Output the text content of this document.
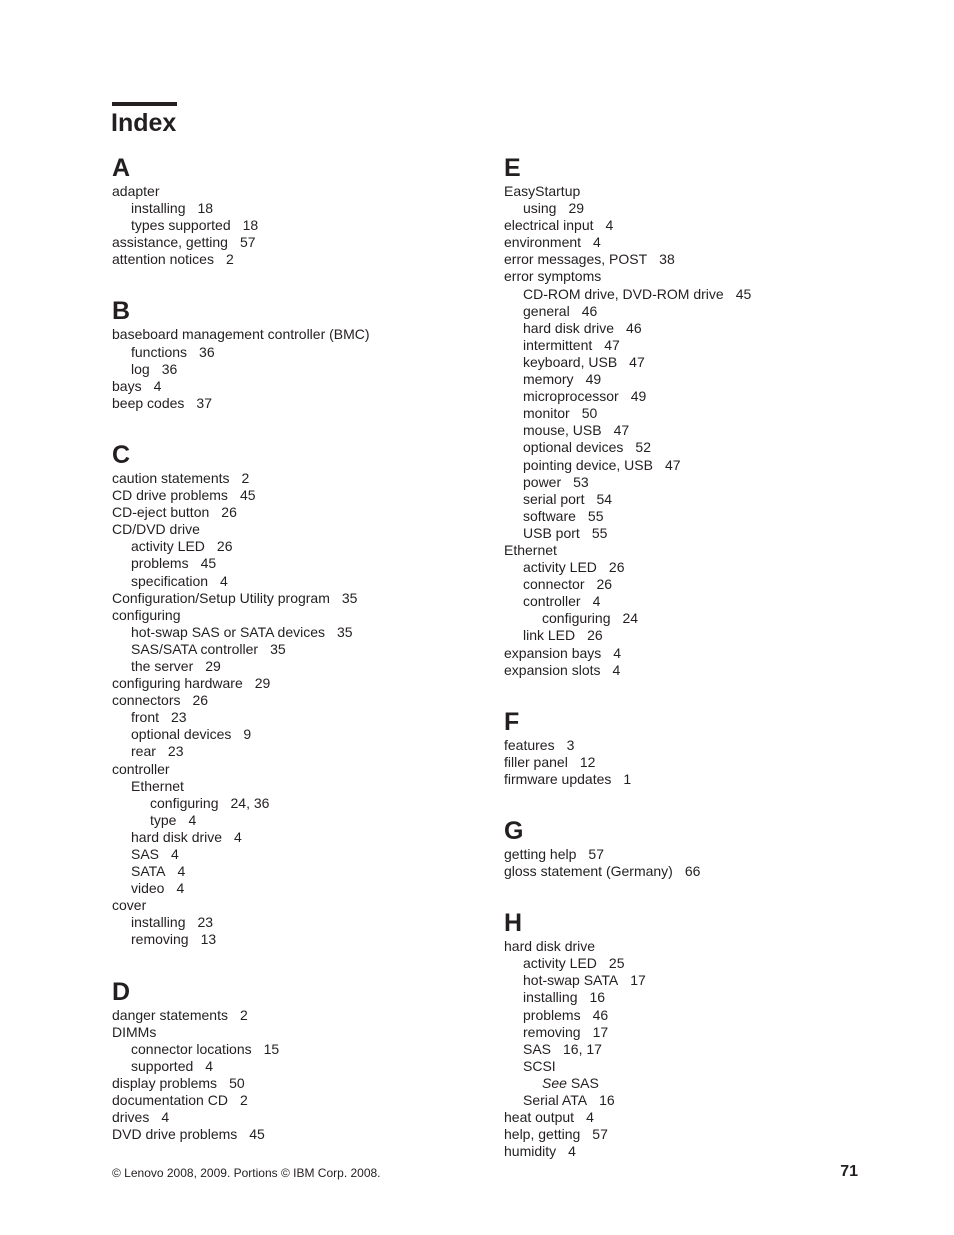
Index
A
adapter
installing 18
types supported 18
assistance, getting 57
attention notices 2
B
baseboard management controller (BMC)
functions 36
log 36
bays 4
beep codes 37
C
caution statements 2
CD drive problems 45
CD-eject button 26
CD/DVD drive
activity LED 26
problems 45
specification 4
Configuration/Setup Utility program 35
configuring
hot-swap SAS or SATA devices 35
SAS/SATA controller 35
the server 29
configuring hardware 29
connectors 26
front 23
optional devices 9
rear 23
controller
Ethernet
configuring 24, 36
type 4
hard disk drive 4
SAS 4
SATA 4
video 4
cover
installing 23
removing 13
D
danger statements 2
DIMMs
connector locations 15
supported 4
display problems 50
documentation CD 2
drives 4
DVD drive problems 45
E
EasyStartup
using 29
electrical input 4
environment 4
error messages, POST 38
error symptoms
CD-ROM drive, DVD-ROM drive 45
general 46
hard disk drive 46
intermittent 47
keyboard, USB 47
memory 49
microprocessor 49
monitor 50
mouse, USB 47
optional devices 52
pointing device, USB 47
power 53
serial port 54
software 55
USB port 55
Ethernet
activity LED 26
connector 26
controller 4
configuring 24
link LED 26
expansion bays 4
expansion slots 4
F
features 3
filler panel 12
firmware updates 1
G
getting help 57
gloss statement (Germany) 66
H
hard disk drive
activity LED 25
hot-swap SATA 17
installing 16
problems 46
removing 17
SAS 16, 17
SCSI
See SAS
Serial ATA 16
heat output 4
help, getting 57
humidity 4
© Lenovo 2008, 2009. Portions © IBM Corp. 2008.	71
